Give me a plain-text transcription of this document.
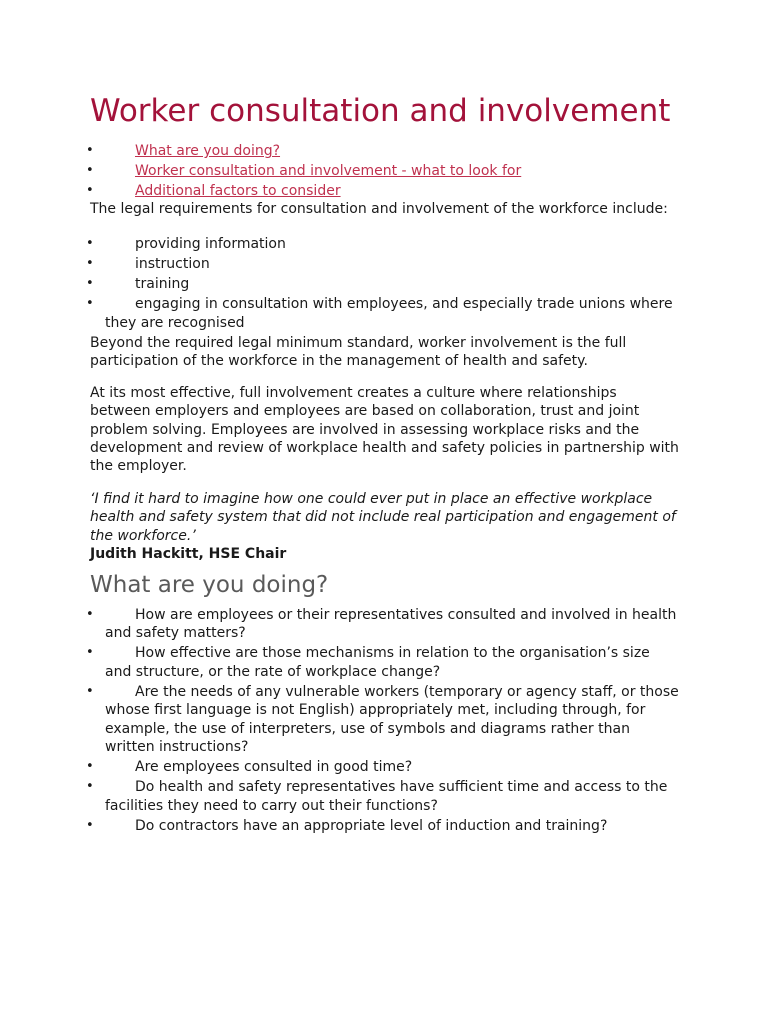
Worker consultation and involvement
•	What are you doing?
•	Worker consultation and involvement - what to look for
•	Additional factors to consider

The legal requirements for consultation and involvement of the workforce include:

•	providing information
•	instruction
•	training
•	engaging in consultation with employees, and especially trade unions where they are recognised

Beyond the required legal minimum standard, worker involvement is the full participation of the workforce in the management of health and safety.

At its most effective, full involvement creates a culture where relationships between employers and employees are based on collaboration, trust and joint problem solving. Employees are involved in assessing workplace risks and the development and review of workplace health and safety policies in partnership with the employer.

‘I find it hard to imagine how one could ever put in place an effective workplace health and safety system that did not include real participation and engagement of the workforce.’

Judith Hackitt, HSE Chair

What are you doing?
•	How are employees or their representatives consulted and involved in health and safety matters?
•	How effective are those mechanisms in relation to the organisation’s size and structure, or the rate of workplace change?
•	Are the needs of any vulnerable workers (temporary or agency staff, or those whose first language is not English) appropriately met, including through, for example, the use of interpreters, use of symbols and diagrams rather than written instructions?
•	Are employees consulted in good time?
•	Do health and safety representatives have sufficient time and access to the facilities they need to carry out their functions?
•	Do contractors have an appropriate level of induction and training?
